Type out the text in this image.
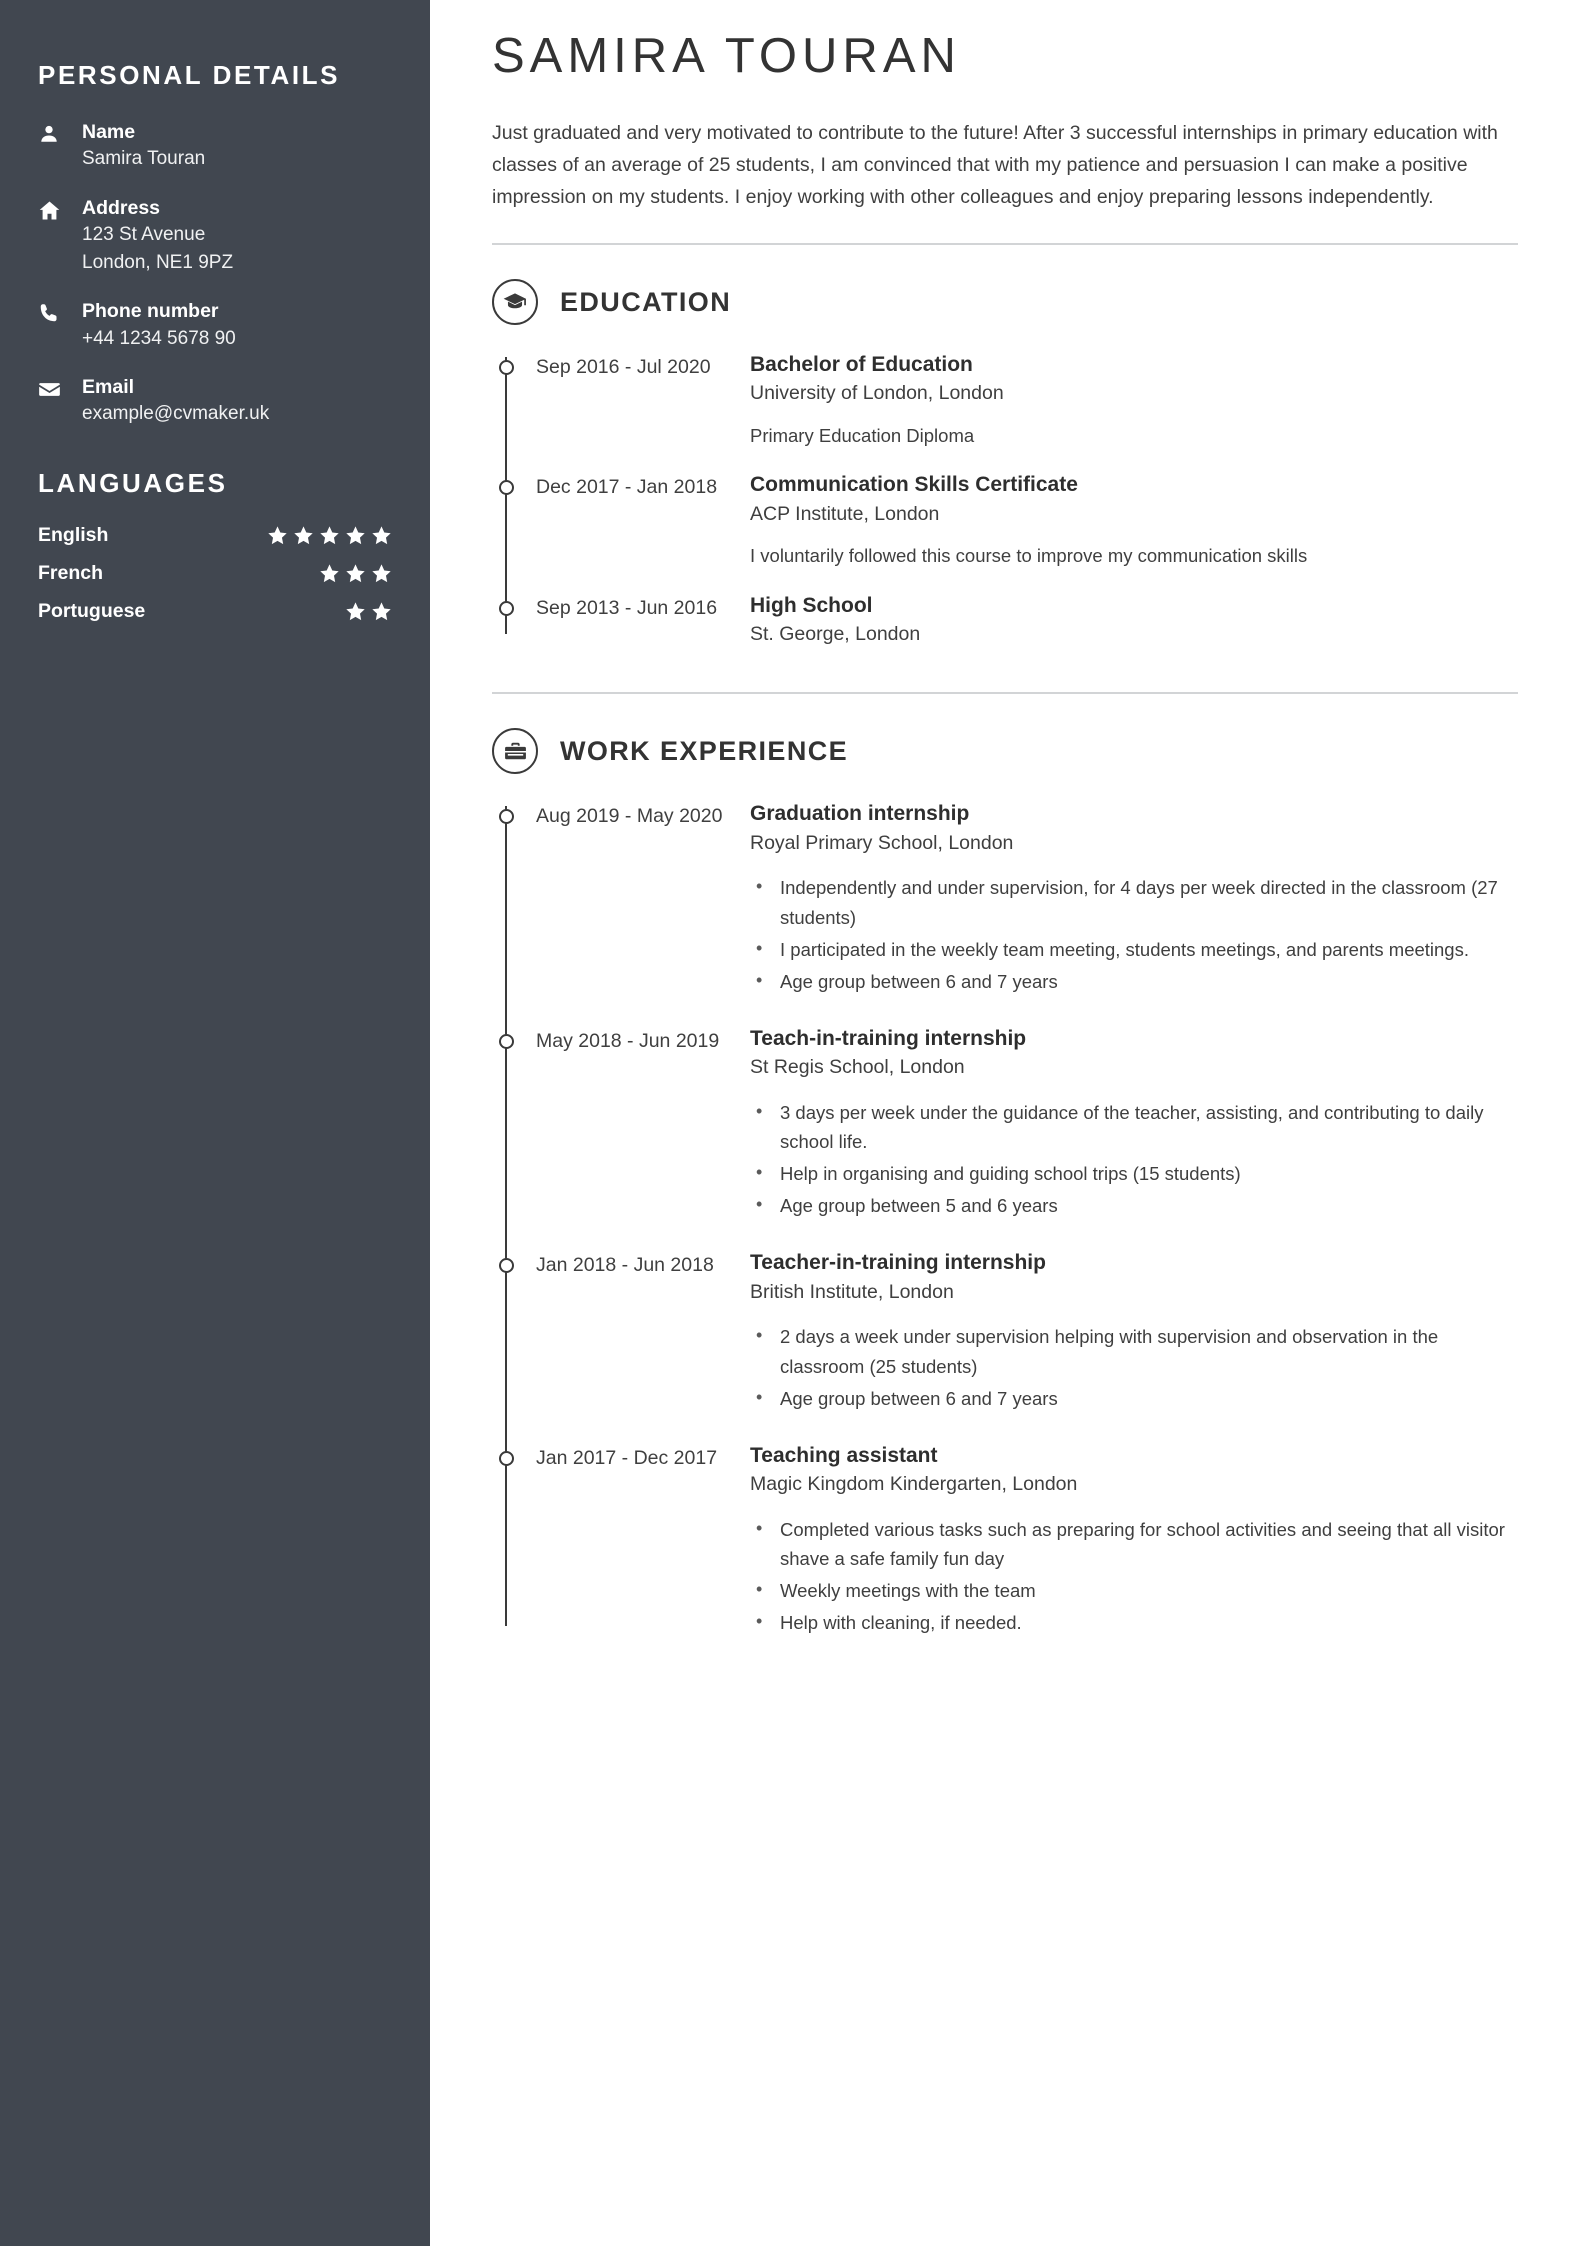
PERSONAL DETAILS
Name
Samira Touran
Address
123 St Avenue
London, NE1 9PZ
Phone number
+44 1234 5678 90
Email
example@cvmaker.uk
LANGUAGES
English
French
Portuguese
SAMIRA TOURAN

Just graduated and very motivated to contribute to the future! After 3 successful internships in primary education with classes of an average of 25 students, I am convinced that with my patience and persuasion I can make a positive impression on my students. I enjoy working with other colleagues and enjoy preparing lessons independently.

EDUCATION
Sep 2016 - Jul 2020	Bachelor of Education
University of London, London
Primary Education Diploma
Dec 2017 - Jan 2018	Communication Skills Certificate
ACP Institute, London
I voluntarily followed this course to improve my communication skills
Sep 2013 - Jun 2016	High School
St. George, London
WORK EXPERIENCE
Aug 2019 - May 2020	Graduation internship
Royal Primary School, London
• Independently and under supervision, for 4 days per week directed in the classroom (27 students)
• I participated in the weekly team meeting, students meetings, and parents meetings.
• Age group between 6 and 7 years
May 2018 - Jun 2019	Teach-in-training internship
St Regis School, London
• 3 days per week under the guidance of the teacher, assisting, and contributing to daily school life.
• Help in organising and guiding school trips (15 students)
• Age group between 5 and 6 years
Jan 2018 - Jun 2018	Teacher-in-training internship
British Institute, London
• 2 days a week under supervision helping with supervision and observation in the classroom (25 students)
• Age group between 6 and 7 years
Jan 2017 - Dec 2017	Teaching assistant
Magic Kingdom Kindergarten, London
• Completed various tasks such as preparing for school activities and seeing that all visitor shave a safe family fun day
• Weekly meetings with the team
• Help with cleaning, if needed.
